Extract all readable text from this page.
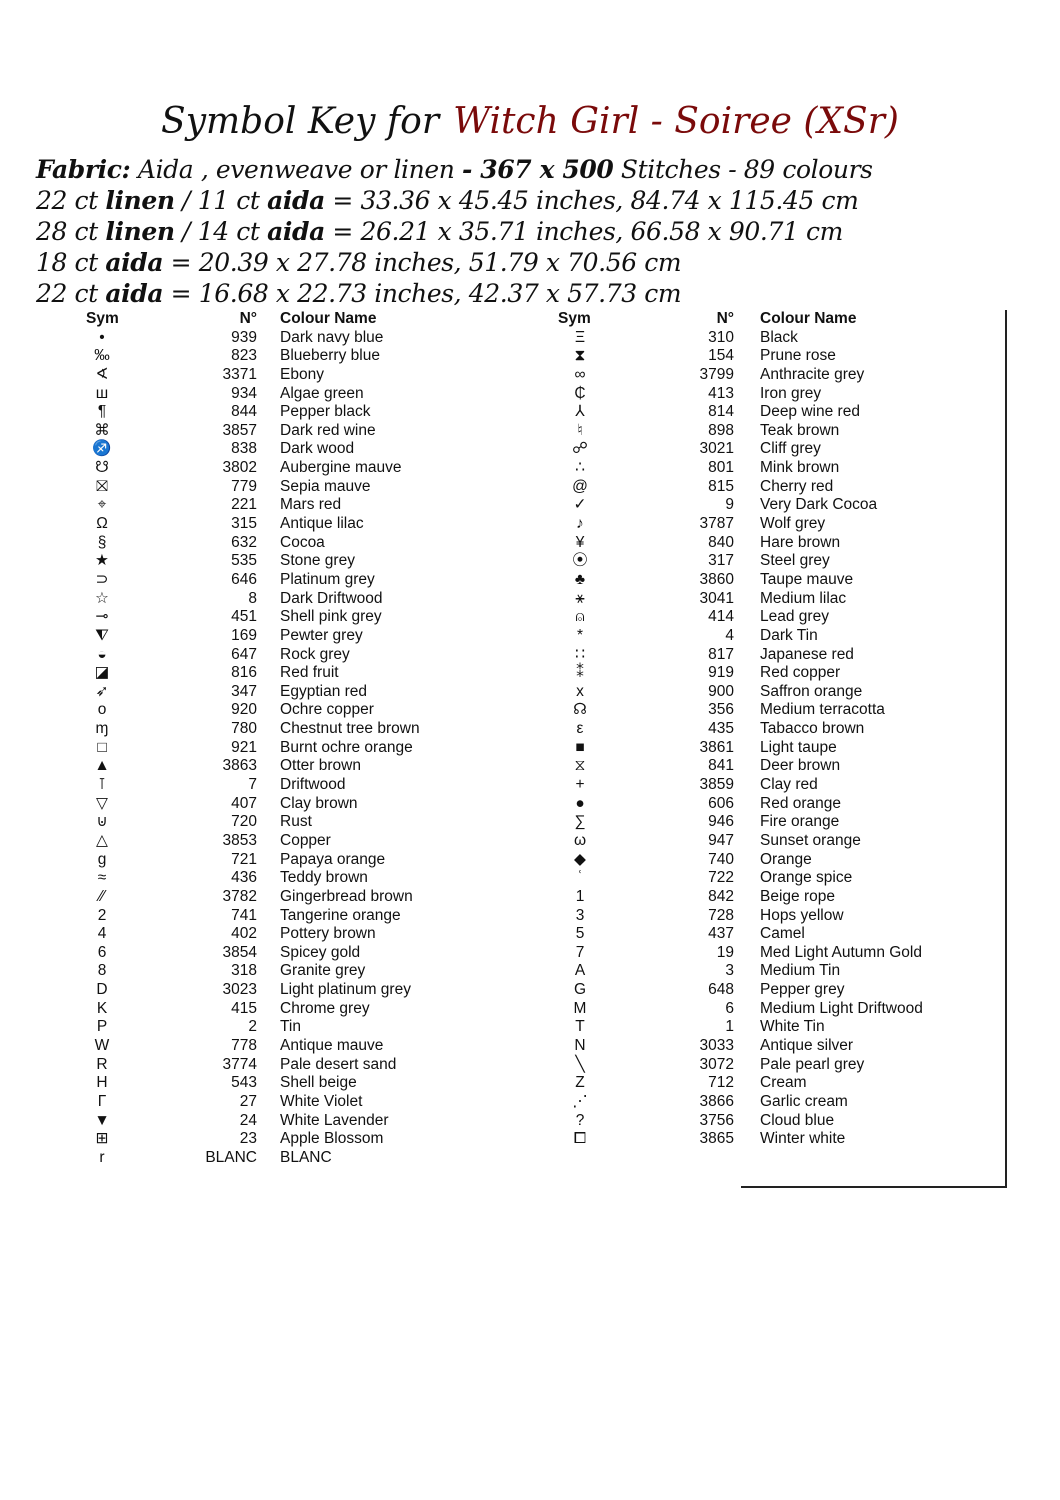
Symbol Key for Witch Girl - Soiree (XSr)
Fabric: Aida , evenweave or linen - 367 x 500 Stitches - 89 colours
22 ct linen / 11 ct aida = 33.36 x 45.45 inches, 84.74 x 115.45 cm
28 ct linen / 14 ct aida = 26.21 x 35.71 inches, 66.58 x 90.71 cm
18 ct aida = 20.39 x 27.78 inches, 51.79 x 70.56 cm
22 ct aida = 16.68 x 22.73 inches, 42.37 x 57.73 cm
Sym	N° Colour Name
•	939 Dark navy blue
‰	823 Blueberry blue
∢	3371 Ebony
ш	934 Algae green
¶	844 Pepper black
⌘	3857 Dark red wine
♐	838 Dark wood
☋	3802 Aubergine mauve
⛝	779 Sepia mauve
⌖	221 Mars red
Ω	315 Antique lilac
§	632 Cocoa
★	535 Stone grey
⊃	646 Platinum grey
☆	8 Dark Driftwood
⊸	451 Shell pink grey
⧨	169 Pewter grey
◒	647 Rock grey
◪	816 Red fruit
➶	347 Egyptian red
o	920 Ochre copper
ɱ	780 Chestnut tree brown
□	921 Burnt ochre orange
▲	3863 Otter brown
⊺	7 Driftwood
▽	407 Clay brown
⊍	720 Rust
△	3853 Copper
g	721 Papaya orange
≈	436 Teddy brown
⁄⁄	3782 Gingerbread brown
2	741 Tangerine orange
4	402 Pottery brown
6	3854 Spicey gold
8	318 Granite grey
D	3023 Light platinum grey
K	415 Chrome grey
P	2 Tin
W	778 Antique mauve
R	3774 Pale desert sand
H	543 Shell beige
Γ	27 White Violet
▼	24 White Lavender
⊞	23 Apple Blossom
r	BLANC BLANC
Sym	N° Colour Name
Ξ	310 Black
⧗	154 Prune rose
∞	3799 Anthracite grey
₵	413 Iron grey
⅄	814 Deep wine red
♮	898 Teak brown
☍	3021 Cliff grey
∴	801 Mink brown
@	815 Cherry red
✓	9 Very Dark Cocoa
♪	3787 Wolf grey
¥	840 Hare brown
⦿	317 Steel grey
♣	3860 Taupe mauve
⚹	3041 Medium lilac
⍝	414 Lead grey
*	4 Dark Tin
∷	817 Japanese red
⁑	919 Red copper
x	900 Saffron orange
☊	356 Medium terracotta
ε	435 Tabacco brown
■	3861 Light taupe
⧖	841 Deer brown
+	3859 Clay red
●	606 Red orange
∑	946 Fire orange
ω	947 Sunset orange
◆	740 Orange
ʿ	722 Orange spice
1	842 Beige rope
3	728 Hops yellow
5	437 Camel
7	19 Med Light Autumn Gold
A	3 Medium Tin
G	648 Pepper grey
M	6 Medium Light Driftwood
T	1 White Tin
N	3033 Antique silver
╲	3072 Pale pearl grey
Z	712 Cream
⋰	3866 Garlic cream
?	3756 Cloud blue
⧠	3865 Winter white
